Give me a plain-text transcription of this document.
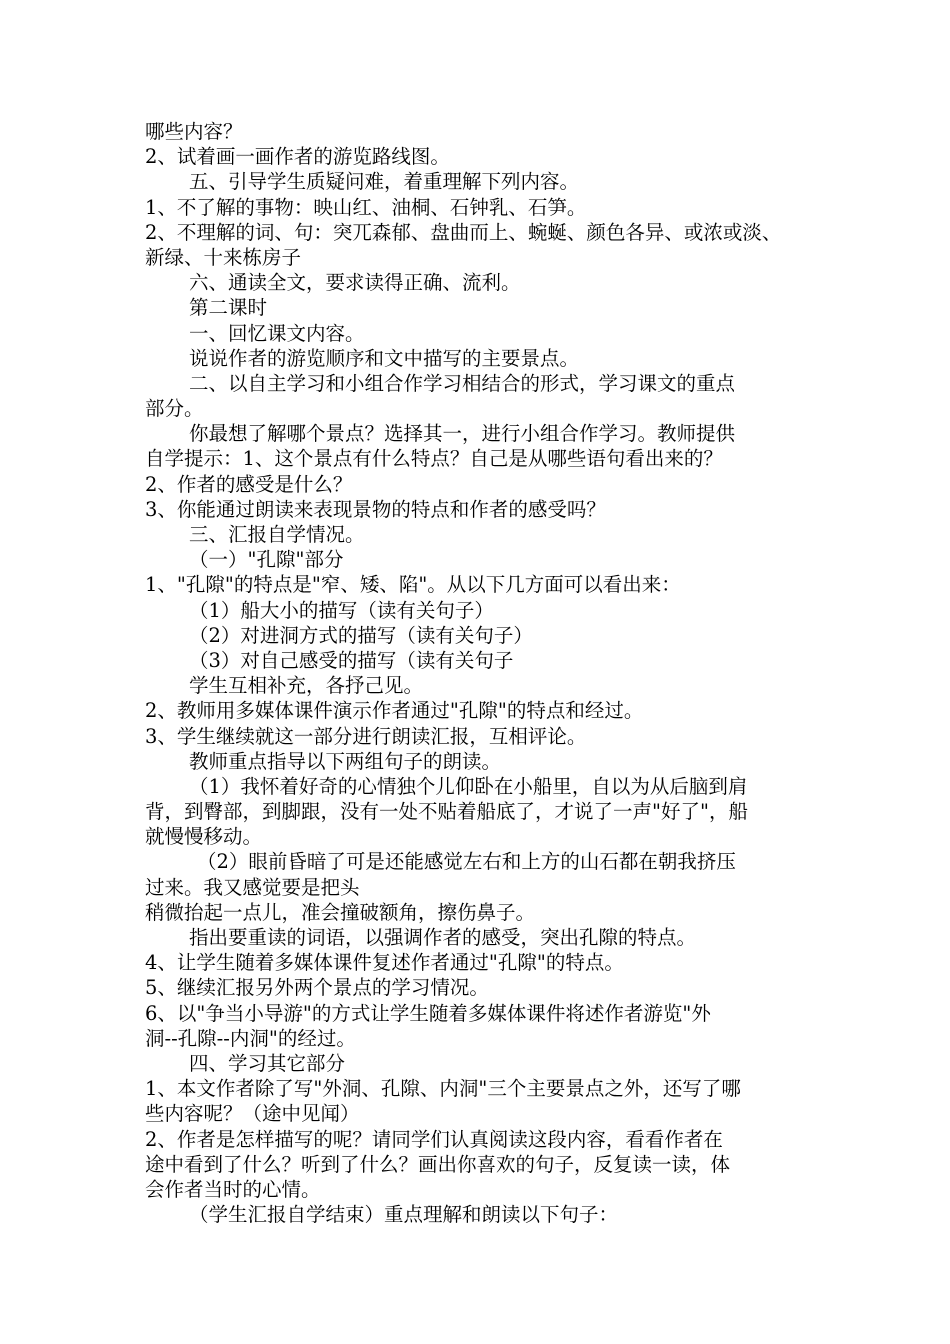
哪些内容？
2、试着画一画作者的游览路线图。
五、引导学生质疑问难，着重理解下列内容。
1、不了解的事物：映山红、油桐、石钟乳、石笋。
2、不理解的词、句：突兀森郁、盘曲而上、蜿蜒、颜色各异、或浓或淡、
新绿、十来栋房子
六、通读全文，要求读得正确、流利。
第二课时
一、回忆课文内容。
说说作者的游览顺序和文中描写的主要景点。
二、以自主学习和小组合作学习相结合的形式，学习课文的重点
部分。
你最想了解哪个景点？选择其一，进行小组合作学习。教师提供
自学提示：1、这个景点有什么特点？自己是从哪些语句看出来的？
2、作者的感受是什么？
3、你能通过朗读来表现景物的特点和作者的感受吗？
三、汇报自学情况。
（一）"孔隙"部分
1、"孔隙"的特点是"窄、矮、陷"。从以下几方面可以看出来：
（1）船大小的描写（读有关句子）
（2）对进洞方式的描写（读有关句子）
（3）对自己感受的描写（读有关句子
学生互相补充，各抒己见。
2、教师用多媒体课件演示作者通过"孔隙"的特点和经过。
3、学生继续就这一部分进行朗读汇报，互相评论。
教师重点指导以下两组句子的朗读。
（1）我怀着好奇的心情独个儿仰卧在小船里，自以为从后脑到肩
背，到臀部，到脚跟，没有一处不贴着船底了，才说了一声"好了"，船
就慢慢移动。
（2）眼前昏暗了可是还能感觉左右和上方的山石都在朝我挤压
过来。我又感觉要是把头
稍微抬起一点儿，准会撞破额角，擦伤鼻子。
指出要重读的词语，以强调作者的感受，突出孔隙的特点。
4、让学生随着多媒体课件复述作者通过"孔隙"的特点。
5、继续汇报另外两个景点的学习情况。
6、以"争当小导游"的方式让学生随着多媒体课件将述作者游览"外
洞--孔隙--内洞"的经过。
四、学习其它部分
1、本文作者除了写"外洞、孔隙、内洞"三个主要景点之外，还写了哪
些内容呢？（途中见闻）
2、作者是怎样描写的呢？请同学们认真阅读这段内容，看看作者在
途中看到了什么？听到了什么？画出你喜欢的句子，反复读一读，体
会作者当时的心情。
（学生汇报自学结束）重点理解和朗读以下句子：
